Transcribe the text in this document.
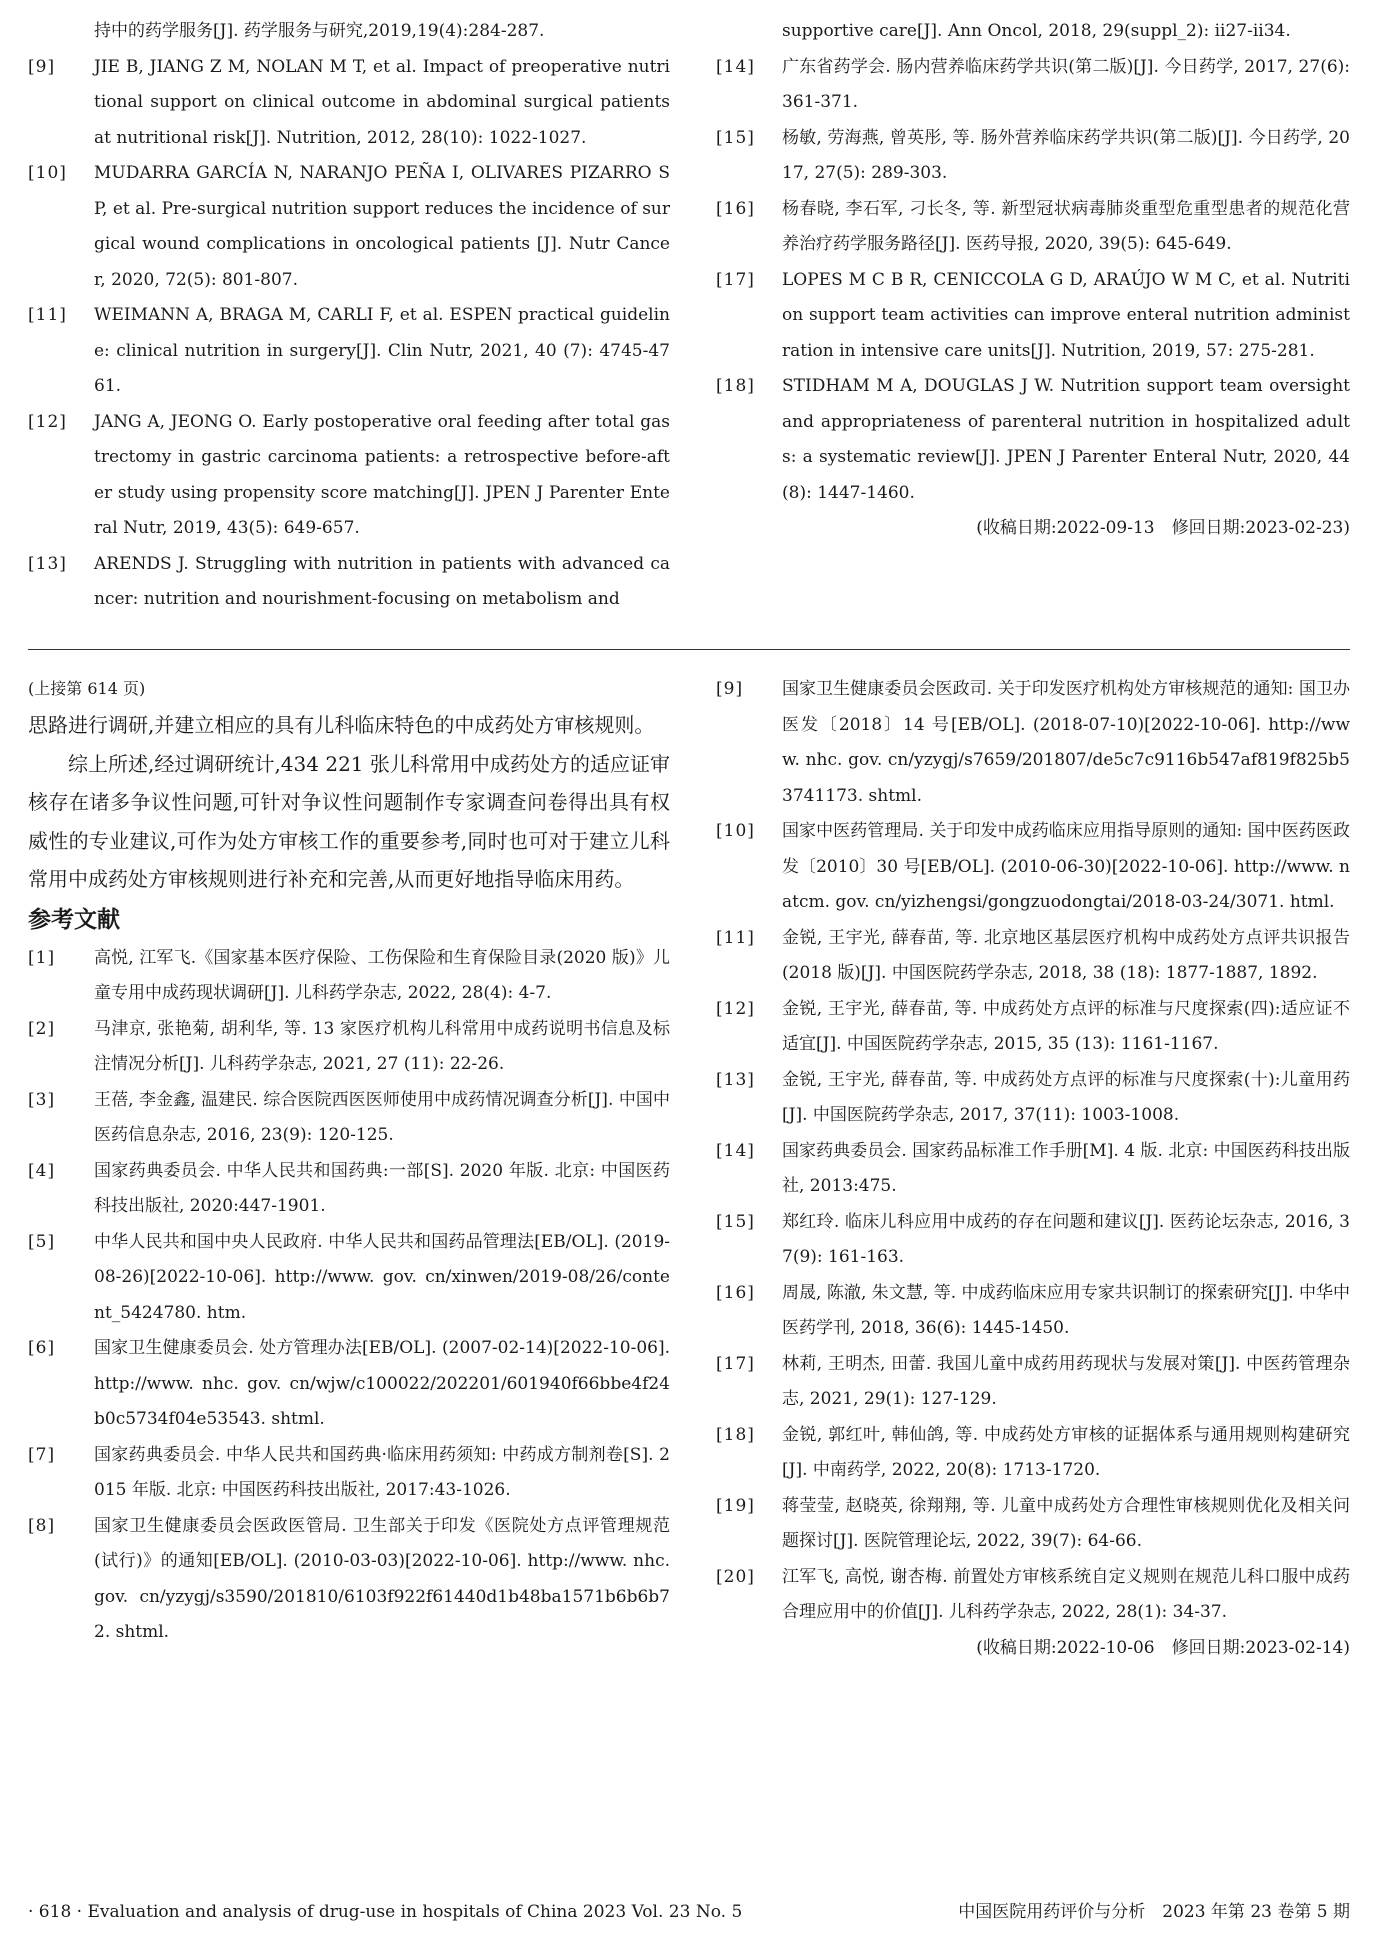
持中的药学服务[J]. 药学服务与研究,2019,19(4):284-287.
[9]	JIE B, JIANG Z M, NOLAN M T, et al. Impact of preoperative nutritional support on clinical outcome in abdominal surgical patients at nutritional risk[J]. Nutrition, 2012, 28(10): 1022-1027.
[10]	MUDARRA GARCÍA N, NARANJO PEÑA I, OLIVARES PIZARRO S P, et al. Pre-surgical nutrition support reduces the incidence of surgical wound complications in oncological patients [J]. Nutr Cancer, 2020, 72(5): 801-807.
[11]	WEIMANN A, BRAGA M, CARLI F, et al. ESPEN practical guideline: clinical nutrition in surgery[J]. Clin Nutr, 2021, 40 (7): 4745-4761.
[12]	JANG A, JEONG O. Early postoperative oral feeding after total gastrectomy in gastric carcinoma patients: a retrospective before-after study using propensity score matching[J]. JPEN J Parenter Enteral Nutr, 2019, 43(5): 649-657.
[13]	ARENDS J. Struggling with nutrition in patients with advanced cancer: nutrition and nourishment-focusing on metabolism and
supportive care[J]. Ann Oncol, 2018, 29(suppl_2): ii27-ii34.
[14]	广东省药学会. 肠内营养临床药学共识(第二版)[J]. 今日药学, 2017, 27(6): 361-371.
[15]	杨敏, 劳海燕, 曾英彤, 等. 肠外营养临床药学共识(第二版)[J]. 今日药学, 2017, 27(5): 289-303.
[16]	杨春晓, 李石军, 刁长冬, 等. 新型冠状病毒肺炎重型危重型患者的规范化营养治疗药学服务路径[J]. 医药导报, 2020, 39(5): 645-649.
[17]	LOPES M C B R, CENICCOLA G D, ARAÚJO W M C, et al. Nutrition support team activities can improve enteral nutrition administration in intensive care units[J]. Nutrition, 2019, 57: 275-281.
[18]	STIDHAM M A, DOUGLAS J W. Nutrition support team oversight and appropriateness of parenteral nutrition in hospitalized adults: a systematic review[J]. JPEN J Parenter Enteral Nutr, 2020, 44 (8): 1447-1460.
(收稿日期:2022-09-13　修回日期:2023-02-23)
(上接第 614 页)

思路进行调研,并建立相应的具有儿科临床特色的中成药处方审核规则。

综上所述,经过调研统计,434 221 张儿科常用中成药处方的适应证审核存在诸多争议性问题,可针对争议性问题制作专家调查问卷得出具有权威性的专业建议,可作为处方审核工作的重要参考,同时也可对于建立儿科常用中成药处方审核规则进行补充和完善,从而更好地指导临床用药。

参考文献
[1]	高悦, 江军飞.《国家基本医疗保险、工伤保险和生育保险目录(2020 版)》儿童专用中成药现状调研[J]. 儿科药学杂志, 2022, 28(4): 4-7.
[2]	马津京, 张艳菊, 胡利华, 等. 13 家医疗机构儿科常用中成药说明书信息及标注情况分析[J]. 儿科药学杂志, 2021, 27 (11): 22-26.
[3]	王蓓, 李金鑫, 温建民. 综合医院西医医师使用中成药情况调查分析[J]. 中国中医药信息杂志, 2016, 23(9): 120-125.
[4]	国家药典委员会. 中华人民共和国药典:一部[S]. 2020 年版. 北京: 中国医药科技出版社, 2020:447-1901.
[5]	中华人民共和国中央人民政府. 中华人民共和国药品管理法[EB/OL]. (2019-08-26)[2022-10-06]. http://www. gov. cn/xinwen/2019-08/26/content_5424780. htm.
[6]	国家卫生健康委员会. 处方管理办法[EB/OL]. (2007-02-14)[2022-10-06]. http://www. nhc. gov. cn/wjw/c100022/202201/601940f66bbe4f24b0c5734f04e53543. shtml.
[7]	国家药典委员会. 中华人民共和国药典·临床用药须知: 中药成方制剂卷[S]. 2015 年版. 北京: 中国医药科技出版社, 2017:43-1026.
[8]	国家卫生健康委员会医政医管局. 卫生部关于印发《医院处方点评管理规范(试行)》的通知[EB/OL]. (2010-03-03)[2022-10-06]. http://www. nhc. gov. cn/yzygj/s3590/201810/6103f922f61440d1b48ba1571b6b6b72. shtml.
[9]	国家卫生健康委员会医政司. 关于印发医疗机构处方审核规范的通知: 国卫办医发〔2018〕14 号[EB/OL]. (2018-07-10)[2022-10-06]. http://www. nhc. gov. cn/yzygj/s7659/201807/de5c7c9116b547af819f825b53741173. shtml.
[10]	国家中医药管理局. 关于印发中成药临床应用指导原则的通知: 国中医药医政发〔2010〕30 号[EB/OL]. (2010-06-30)[2022-10-06]. http://www. natcm. gov. cn/yizhengsi/gongzuodongtai/2018-03-24/3071. html.
[11]	金锐, 王宇光, 薛春苗, 等. 北京地区基层医疗机构中成药处方点评共识报告(2018 版)[J]. 中国医院药学杂志, 2018, 38 (18): 1877-1887, 1892.
[12]	金锐, 王宇光, 薛春苗, 等. 中成药处方点评的标准与尺度探索(四):适应证不适宜[J]. 中国医院药学杂志, 2015, 35 (13): 1161-1167.
[13]	金锐, 王宇光, 薛春苗, 等. 中成药处方点评的标准与尺度探索(十):儿童用药[J]. 中国医院药学杂志, 2017, 37(11): 1003-1008.
[14]	国家药典委员会. 国家药品标准工作手册[M]. 4 版. 北京: 中国医药科技出版社, 2013:475.
[15]	郑红玲. 临床儿科应用中成药的存在问题和建议[J]. 医药论坛杂志, 2016, 37(9): 161-163.
[16]	周晟, 陈澈, 朱文慧, 等. 中成药临床应用专家共识制订的探索研究[J]. 中华中医药学刊, 2018, 36(6): 1445-1450.
[17]	林莉, 王明杰, 田蕾. 我国儿童中成药用药现状与发展对策[J]. 中医药管理杂志, 2021, 29(1): 127-129.
[18]	金锐, 郭红叶, 韩仙鸽, 等. 中成药处方审核的证据体系与通用规则构建研究[J]. 中南药学, 2022, 20(8): 1713-1720.
[19]	蒋莹莹, 赵晓英, 徐翔翔, 等. 儿童中成药处方合理性审核规则优化及相关问题探讨[J]. 医院管理论坛, 2022, 39(7): 64-66.
[20]	江军飞, 高悦, 谢杏梅. 前置处方审核系统自定义规则在规范儿科口服中成药合理应用中的价值[J]. 儿科药学杂志, 2022, 28(1): 34-37.
(收稿日期:2022-10-06　修回日期:2023-02-14)
· 618 · Evaluation and analysis of drug-use in hospitals of China 2023 Vol. 23 No. 5	中国医院用药评价与分析　2023 年第 23 卷第 5 期
